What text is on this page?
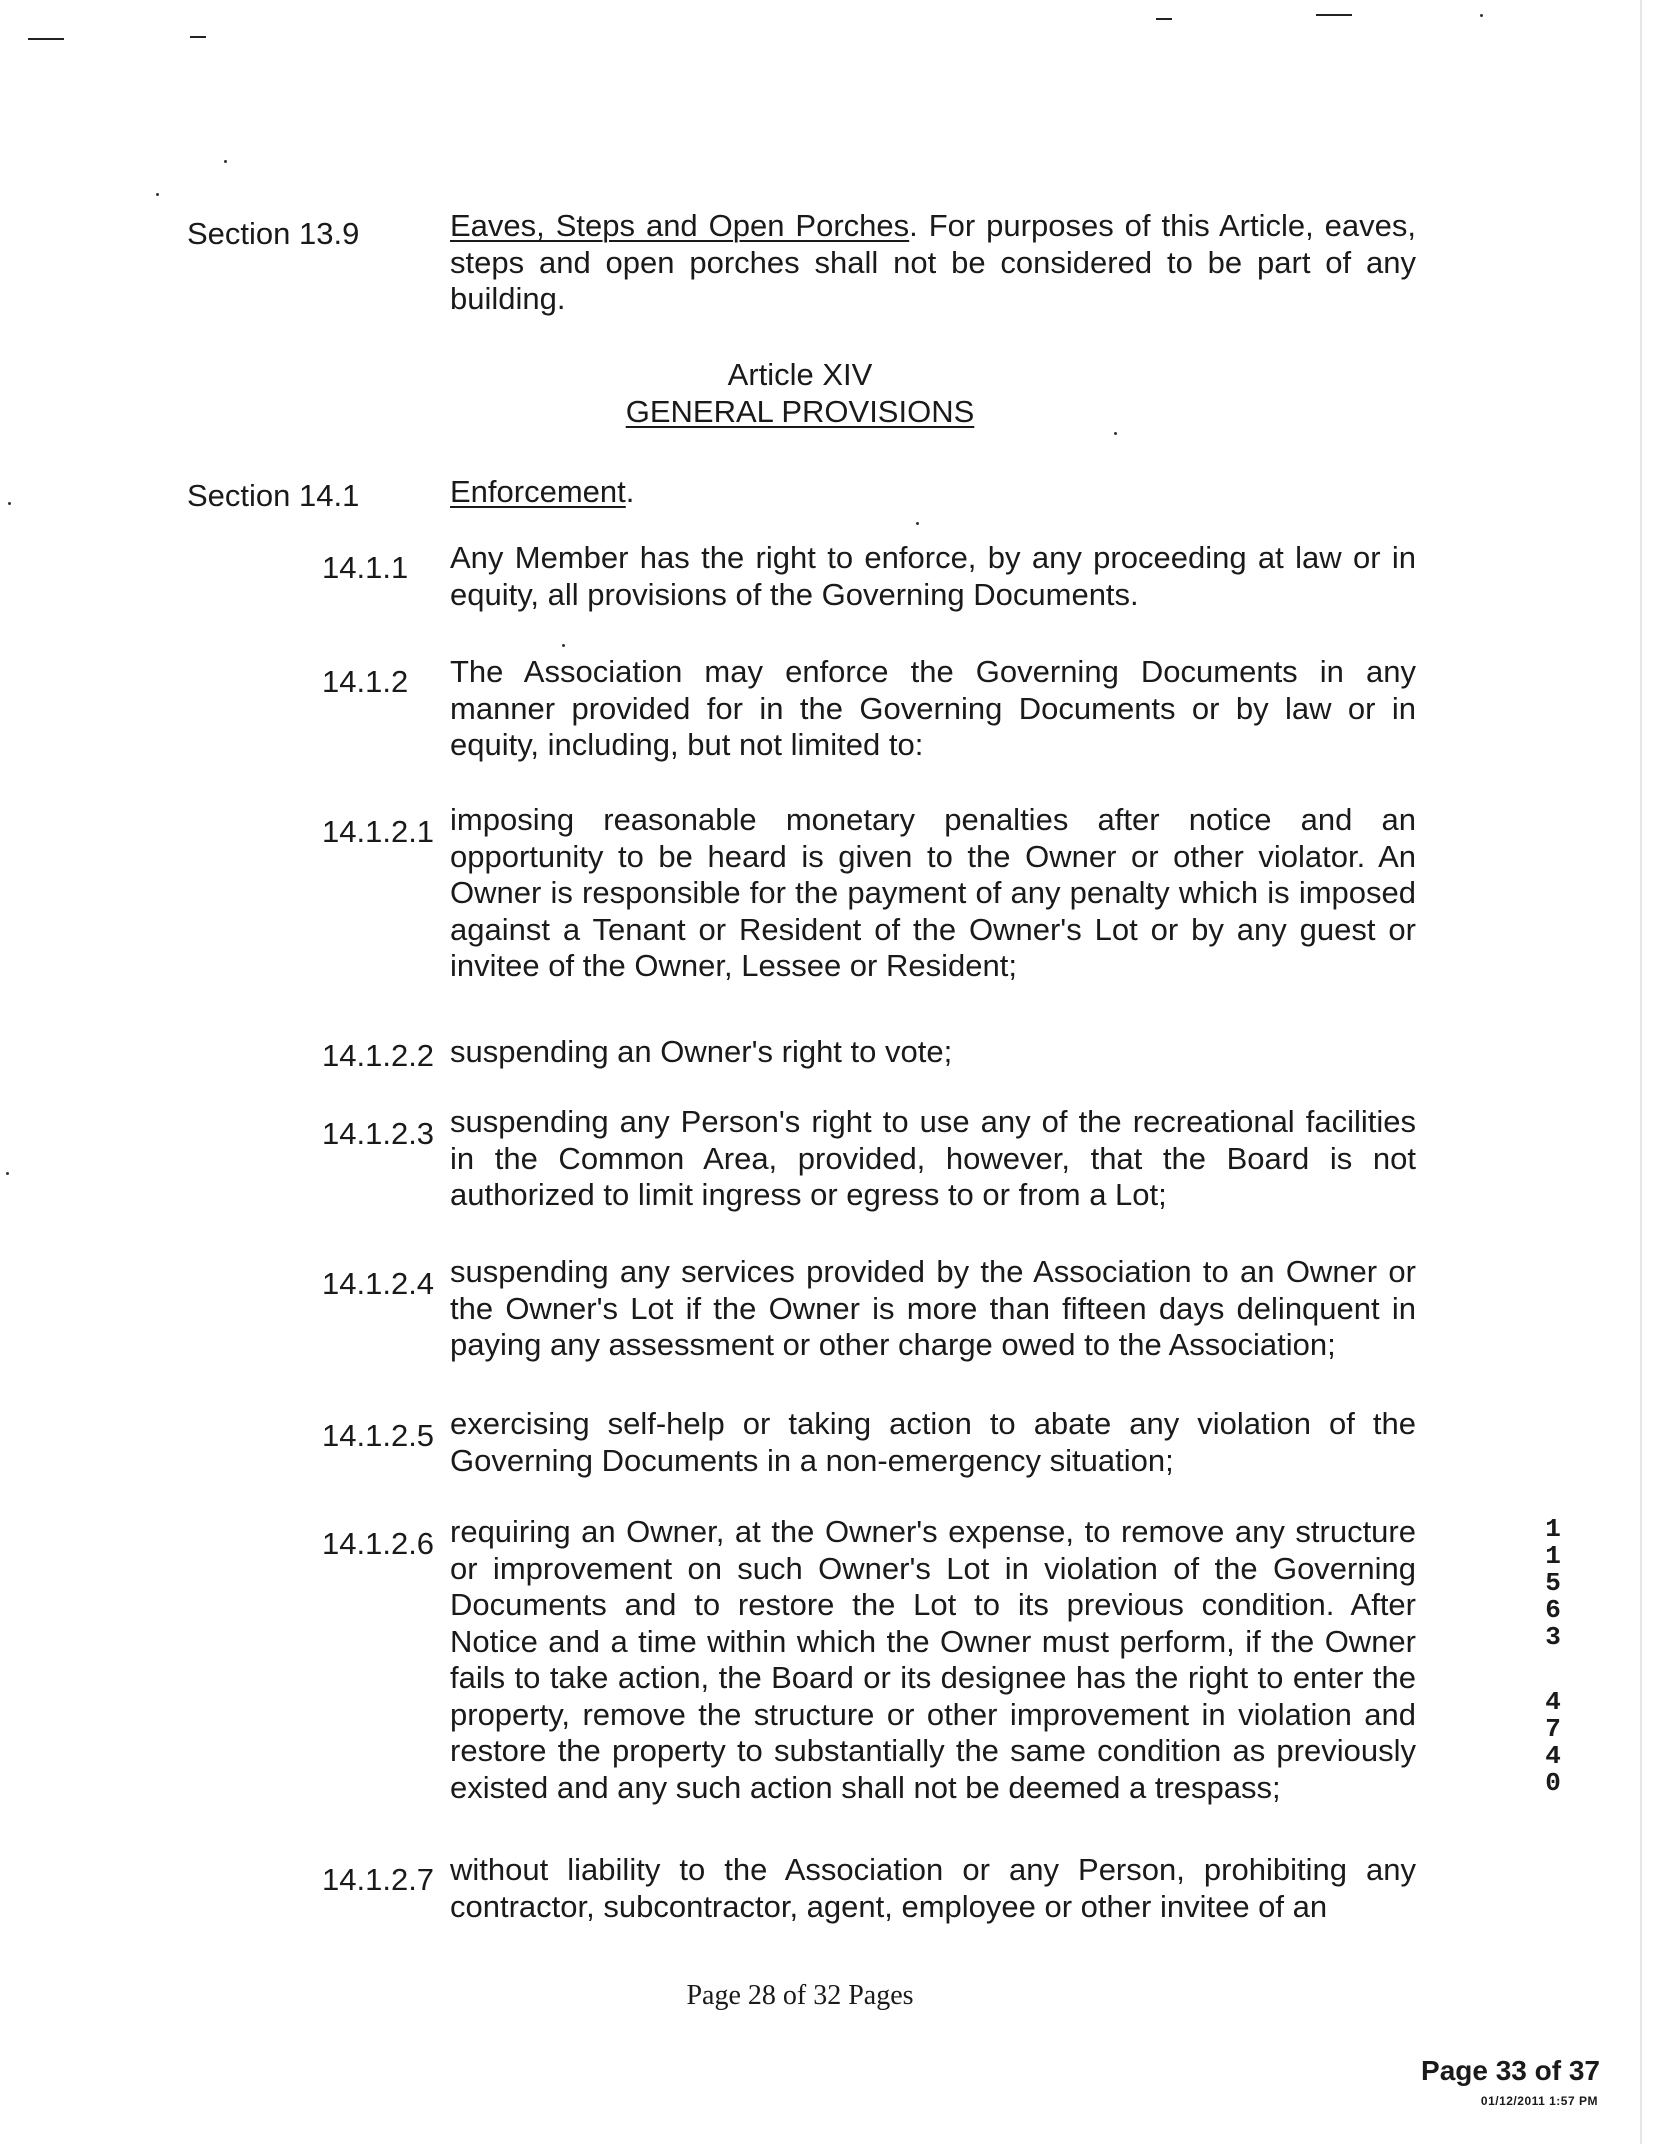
Section 13.9	Eaves, Steps and Open Porches. For purposes of this Article, eaves, steps and open porches shall not be considered to be part of any building.
Article XIV
GENERAL PROVISIONS
Section 14.1	Enforcement.
14.1.1 Any Member has the right to enforce, by any proceeding at law or in equity, all provisions of the Governing Documents.
14.1.2 The Association may enforce the Governing Documents in any manner provided for in the Governing Documents or by law or in equity, including, but not limited to:
14.1.2.1 imposing reasonable monetary penalties after notice and an opportunity to be heard is given to the Owner or other violator. An Owner is responsible for the payment of any penalty which is imposed against a Tenant or Resident of the Owner's Lot or by any guest or invitee of the Owner, Lessee or Resident;
14.1.2.2 suspending an Owner's right to vote;
14.1.2.3 suspending any Person's right to use any of the recreational facilities in the Common Area, provided, however, that the Board is not authorized to limit ingress or egress to or from a Lot;
14.1.2.4 suspending any services provided by the Association to an Owner or the Owner's Lot if the Owner is more than fifteen days delinquent in paying any assessment or other charge owed to the Association;
14.1.2.5 exercising self-help or taking action to abate any violation of the Governing Documents in a non-emergency situation;
14.1.2.6 requiring an Owner, at the Owner's expense, to remove any structure or improvement on such Owner's Lot in violation of the Governing Documents and to restore the Lot to its previous condition. After Notice and a time within which the Owner must perform, if the Owner fails to take action, the Board or its designee has the right to enter the property, remove the structure or other improvement in violation and restore the property to substantially the same condition as previously existed and any such action shall not be deemed a trespass;
14.1.2.7 without liability to the Association or any Person, prohibiting any contractor, subcontractor, agent, employee or other invitee of an
1
1
5
6
3
4
7
4
0
Page 28 of 32 Pages
Page 33 of 37
01/12/2011 1:57 PM
